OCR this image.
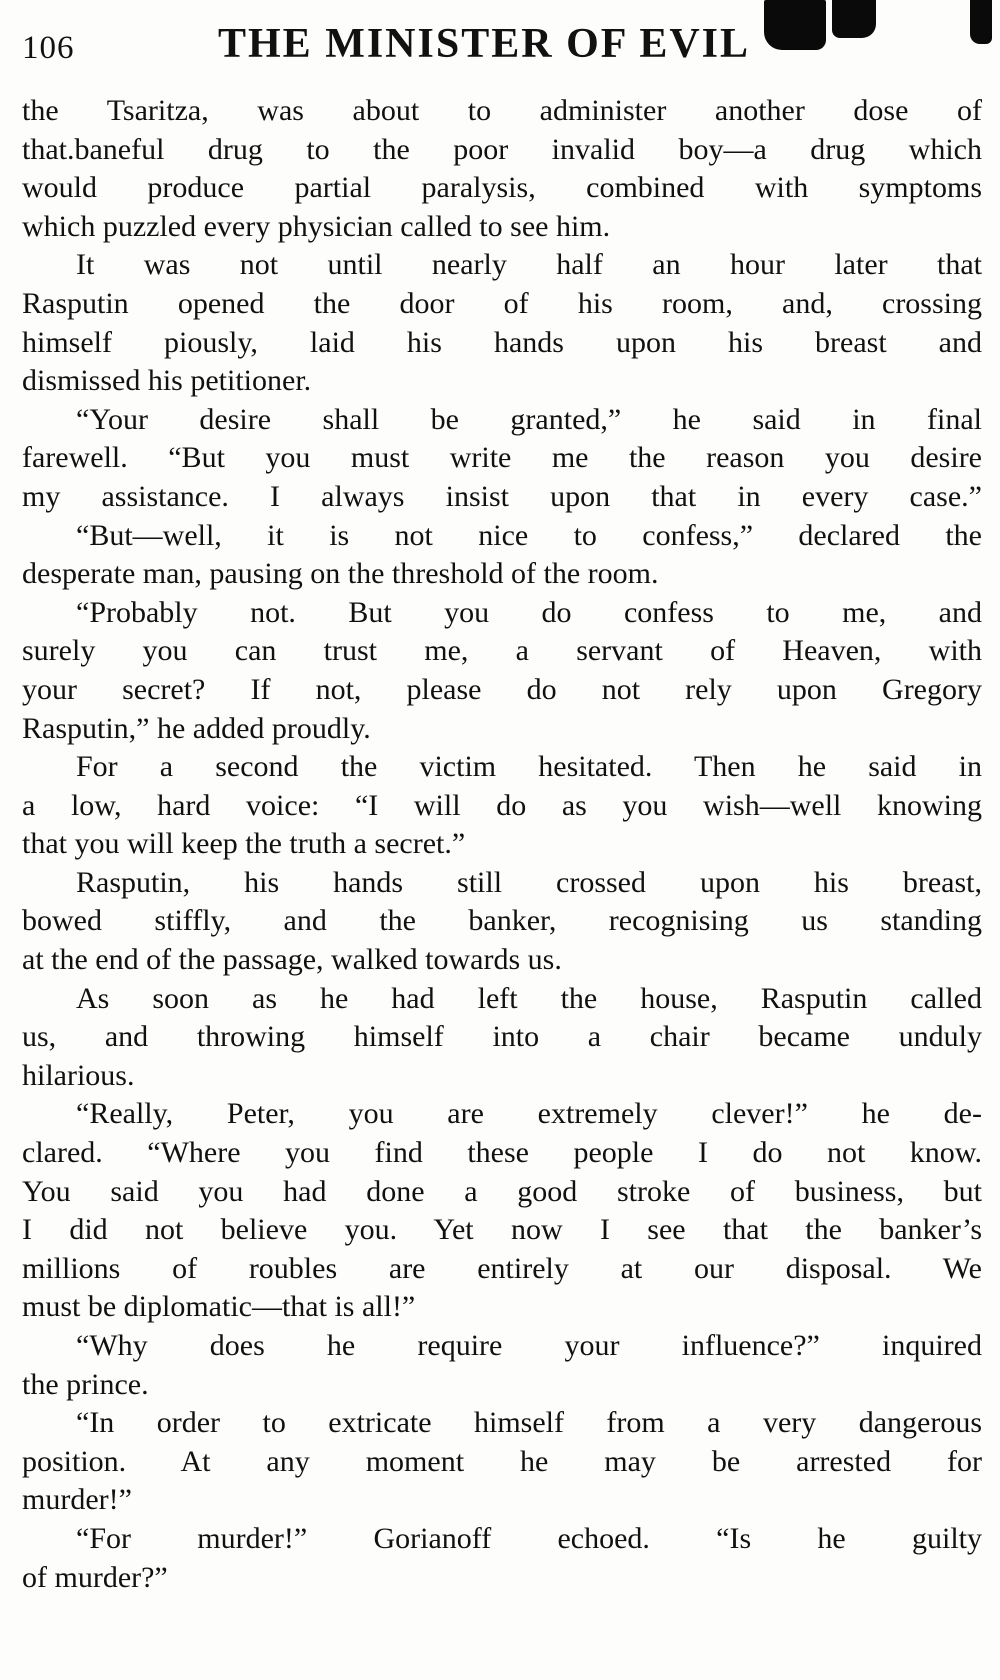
106	THE MINISTER OF EVIL
the Tsaritza, was about to administer another dose of
that.baneful drug to the poor invalid boy—a drug which
would produce partial paralysis, combined with symptoms
which puzzled every physician called to see him.
It was not until nearly half an hour later that
Rasputin opened the door of his room, and, crossing
himself piously, laid his hands upon his breast and
dismissed his petitioner.
“Your desire shall be granted,” he said in final
farewell. “But you must write me the reason you desire
my assistance. I always insist upon that in every case.”
“But—well, it is not nice to confess,” declared the
desperate man, pausing on the threshold of the room.
“Probably not. But you do confess to me, and
surely you can trust me, a servant of Heaven, with
your secret? If not, please do not rely upon Gregory
Rasputin,” he added proudly.
For a second the victim hesitated. Then he said in
a low, hard voice: “I will do as you wish—well knowing
that you will keep the truth a secret.”
Rasputin, his hands still crossed upon his breast,
bowed stiffly, and the banker, recognising us standing
at the end of the passage, walked towards us.
As soon as he had left the house, Rasputin called
us, and throwing himself into a chair became unduly
hilarious.
“Really, Peter, you are extremely clever!” he de-
clared. “Where you find these people I do not know.
You said you had done a good stroke of business, but
I did not believe you. Yet now I see that the banker’s
millions of roubles are entirely at our disposal. We
must be diplomatic—that is all!”
“Why does he require your influence?” inquired
the prince.
“In order to extricate himself from a very dangerous
position. At any moment he may be arrested for
murder!”
“For murder!” Gorianoff echoed. “Is he guilty
of murder?”
